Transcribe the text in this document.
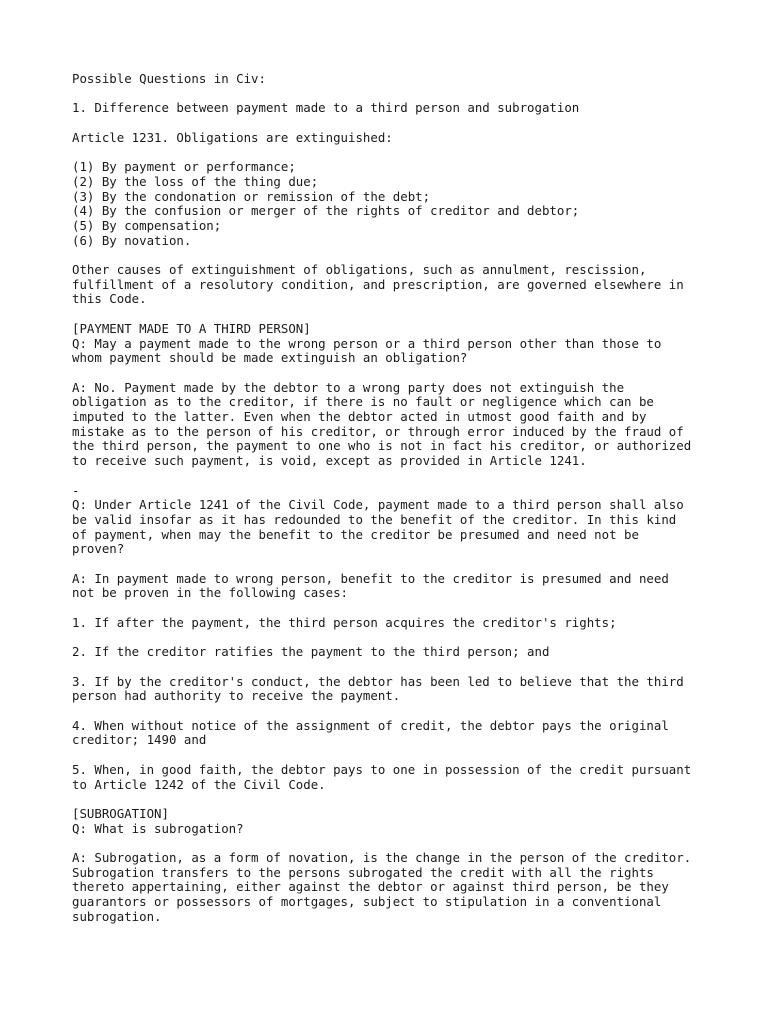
Possible Questions in Civ:
1. Difference between payment made to a third person and subrogation
Article 1231. Obligations are extinguished:
(1) By payment or performance;
(2) By the loss of the thing due;
(3) By the condonation or remission of the debt;
(4) By the confusion or merger of the rights of creditor and debtor;
(5) By compensation;
(6) By novation.
Other causes of extinguishment of obligations, such as annulment, rescission,
fulfillment of a resolutory condition, and prescription, are governed elsewhere in
this Code.
[PAYMENT MADE TO A THIRD PERSON]
Q: May a payment made to the wrong person or a third person other than those to
whom payment should be made extinguish an obligation?
A: No. Payment made by the debtor to a wrong party does not extinguish the
obligation as to the creditor, if there is no fault or negligence which can be
imputed to the latter. Even when the debtor acted in utmost good faith and by
mistake as to the person of his creditor, or through error induced by the fraud of
the third person, the payment to one who is not in fact his creditor, or authorized
to receive such payment, is void, except as provided in Article 1241.
-
Q: Under Article 1241 of the Civil Code, payment made to a third person shall also
be valid insofar as it has redounded to the benefit of the creditor. In this kind
of payment, when may the benefit to the creditor be presumed and need not be
proven?
A: In payment made to wrong person, benefit to the creditor is presumed and need
not be proven in the following cases:
1. If after the payment, the third person acquires the creditor's rights;
2. If the creditor ratifies the payment to the third person; and
3. If by the creditor's conduct, the debtor has been led to believe that the third
person had authority to receive the payment.
4. When without notice of the assignment of credit, the debtor pays the original
creditor; 1490 and
5. When, in good faith, the debtor pays to one in possession of the credit pursuant
to Article 1242 of the Civil Code.
[SUBROGATION]
Q: What is subrogation?
A: Subrogation, as a form of novation, is the change in the person of the creditor.
Subrogation transfers to the persons subrogated the credit with all the rights
thereto appertaining, either against the debtor or against third person, be they
guarantors or possessors of mortgages, subject to stipulation in a conventional
subrogation.
